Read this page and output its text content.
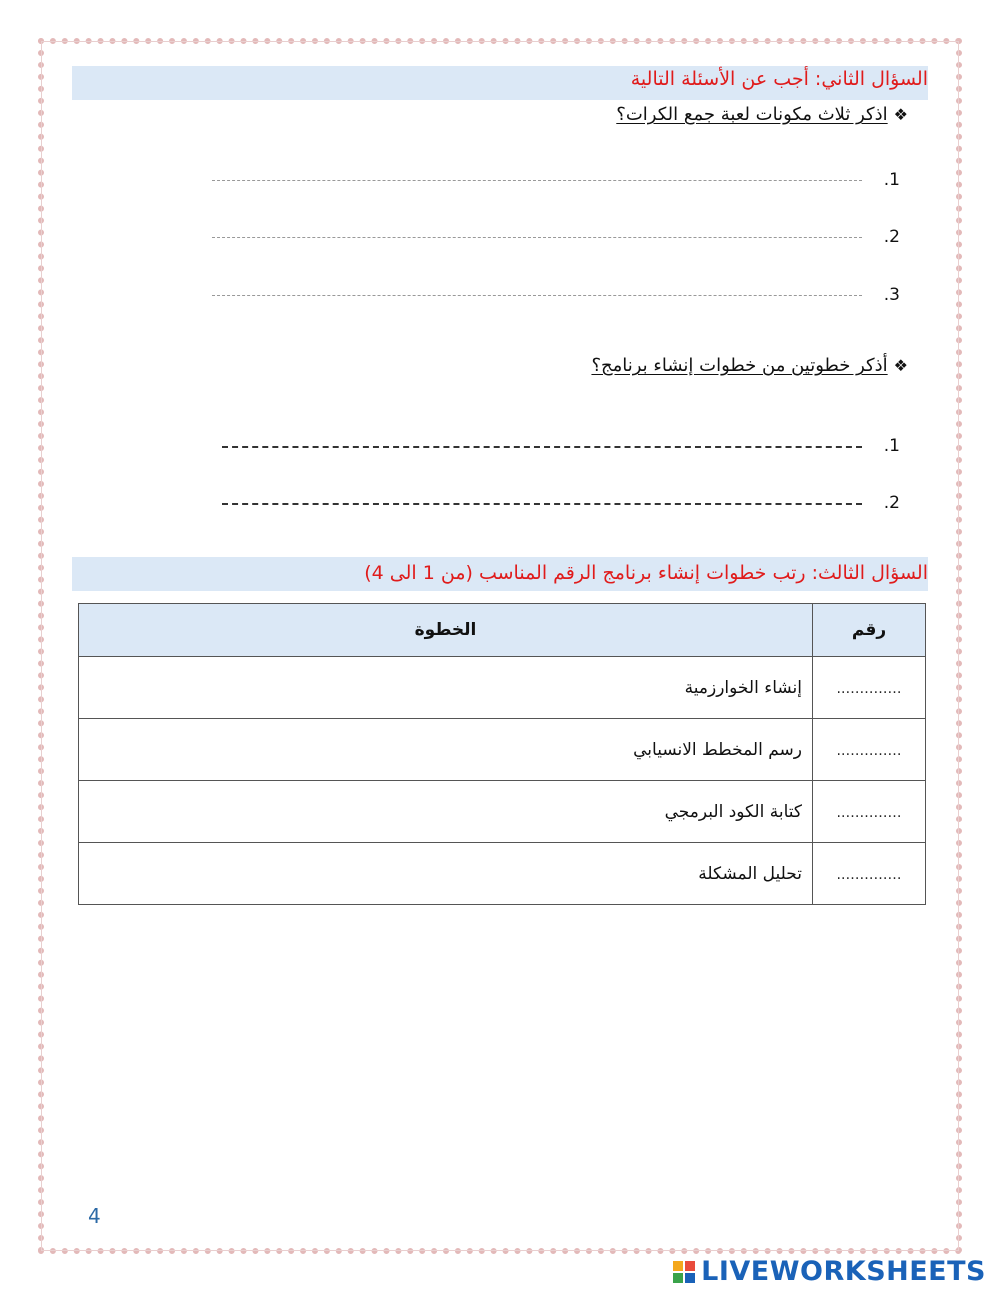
السؤال الثاني: أجب عن الأسئلة التالية
❖اذكر ثلاث مكونات لعبة جمع الكرات؟
1.
2.
3.
❖أذكر خطوتين من خطوات إنشاء برنامج؟
1.
2.
السؤال الثالث: رتب خطوات إنشاء برنامج الرقم المناسب (من 1 الى 4)
رقم	الخطوة
…………..	إنشاء الخوارزمية
…………..	رسم المخطط الانسيابي
…………..	كتابة الكود البرمجي
…………..	تحليل المشكلة
4
LIVEWORKSHEETS
